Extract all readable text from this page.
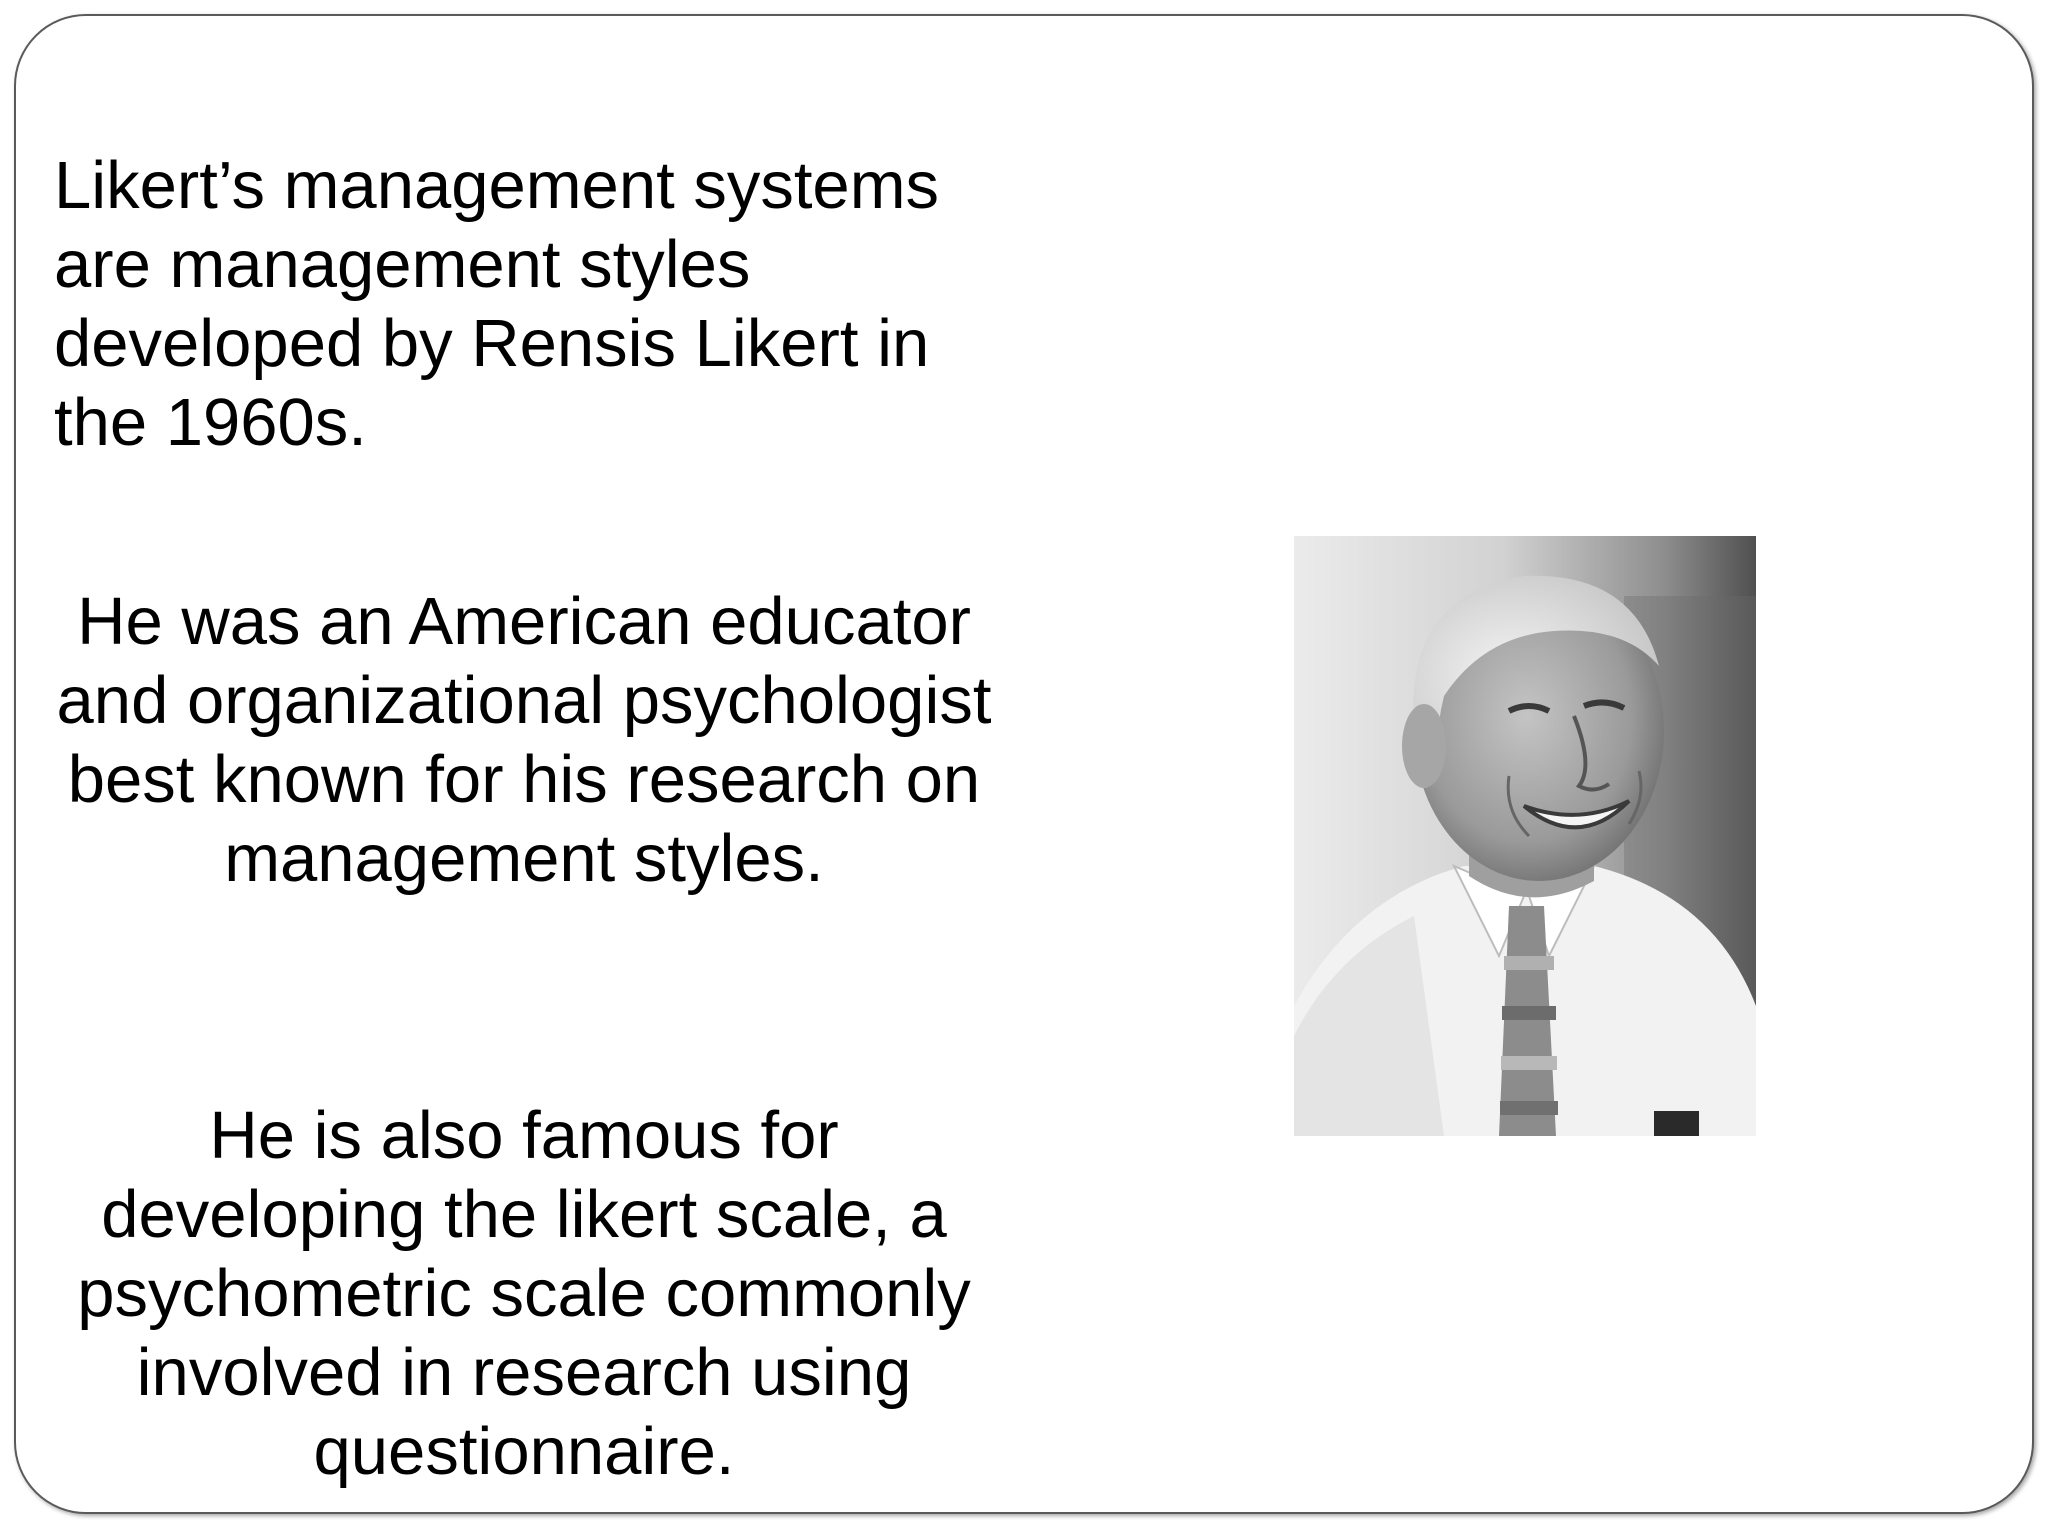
Likert’s management systems are management styles developed by Rensis Likert in the 1960s.

He was an American educator and organizational psychologist best known for his research on management styles.

He is also famous for developing the likert scale, a psychometric scale commonly involved in research using questionnaire.
